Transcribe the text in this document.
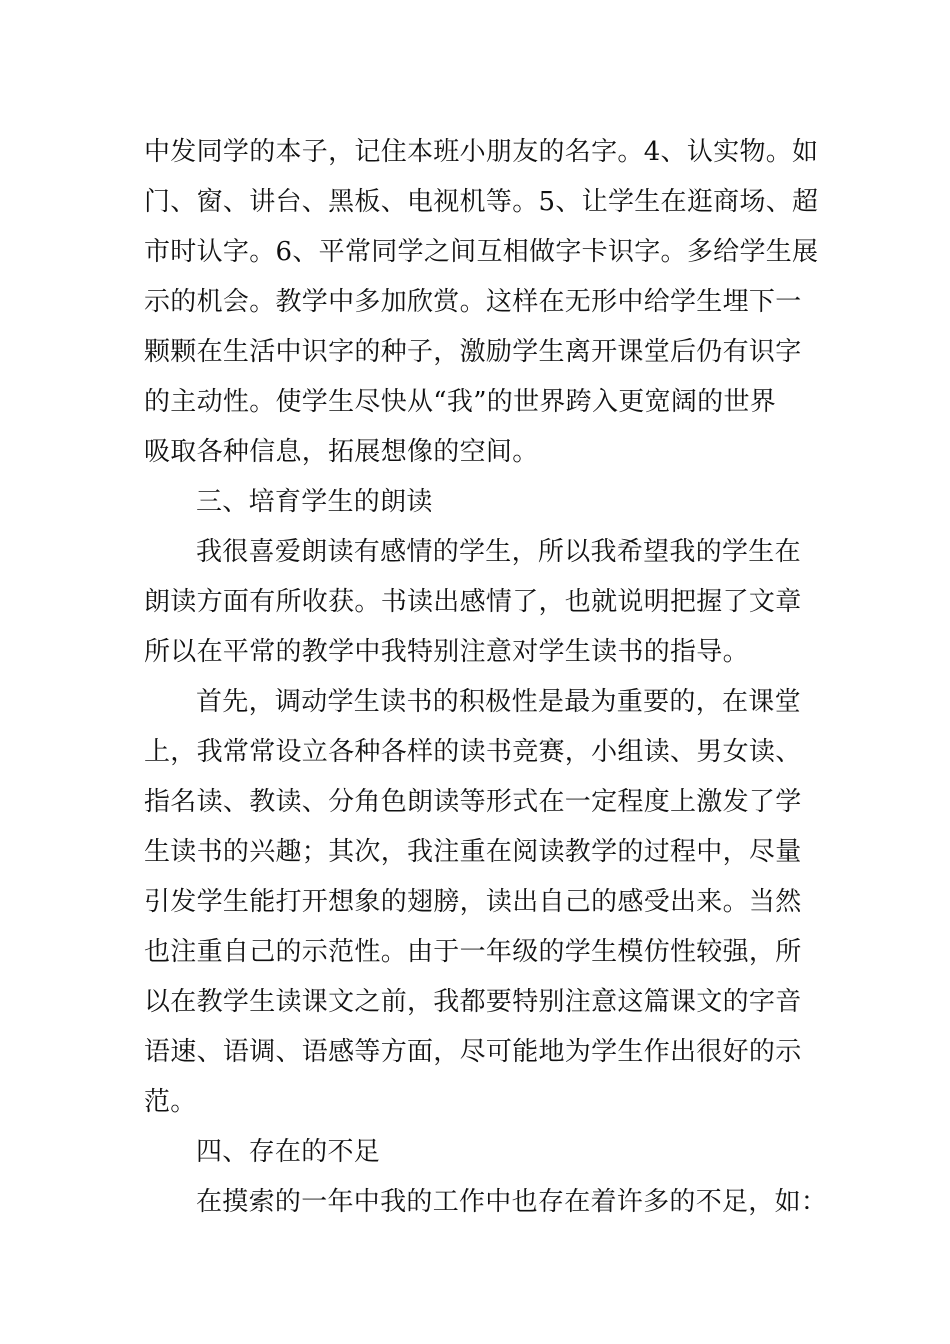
中发同学的本子，记住本班小朋友的名字。4、认实物。如
门、窗、讲台、黑板、电视机等。5、让学生在逛商场、超
市时认字。6、平常同学之间互相做字卡识字。多给学生展
示的机会。教学中多加欣赏。这样在无形中给学生埋下一
颗颗在生活中识字的种子，激励学生离开课堂后仍有识字
的主动性。使学生尽快从“我”的世界跨入更宽阔的世界
吸取各种信息，拓展想像的空间。
三、培育学生的朗读
我很喜爱朗读有感情的学生，所以我希望我的学生在
朗读方面有所收获。书读出感情了，也就说明把握了文章
所以在平常的教学中我特别注意对学生读书的指导。
首先，调动学生读书的积极性是最为重要的，在课堂
上，我常常设立各种各样的读书竞赛，小组读、男女读、
指名读、教读、分角色朗读等形式在一定程度上激发了学
生读书的兴趣；其次，我注重在阅读教学的过程中，尽量
引发学生能打开想象的翅膀，读出自己的感受出来。当然
也注重自己的示范性。由于一年级的学生模仿性较强，所
以在教学生读课文之前，我都要特别注意这篇课文的字音
语速、语调、语感等方面，尽可能地为学生作出很好的示
范。
四、存在的不足
在摸索的一年中我的工作中也存在着许多的不足，如：
